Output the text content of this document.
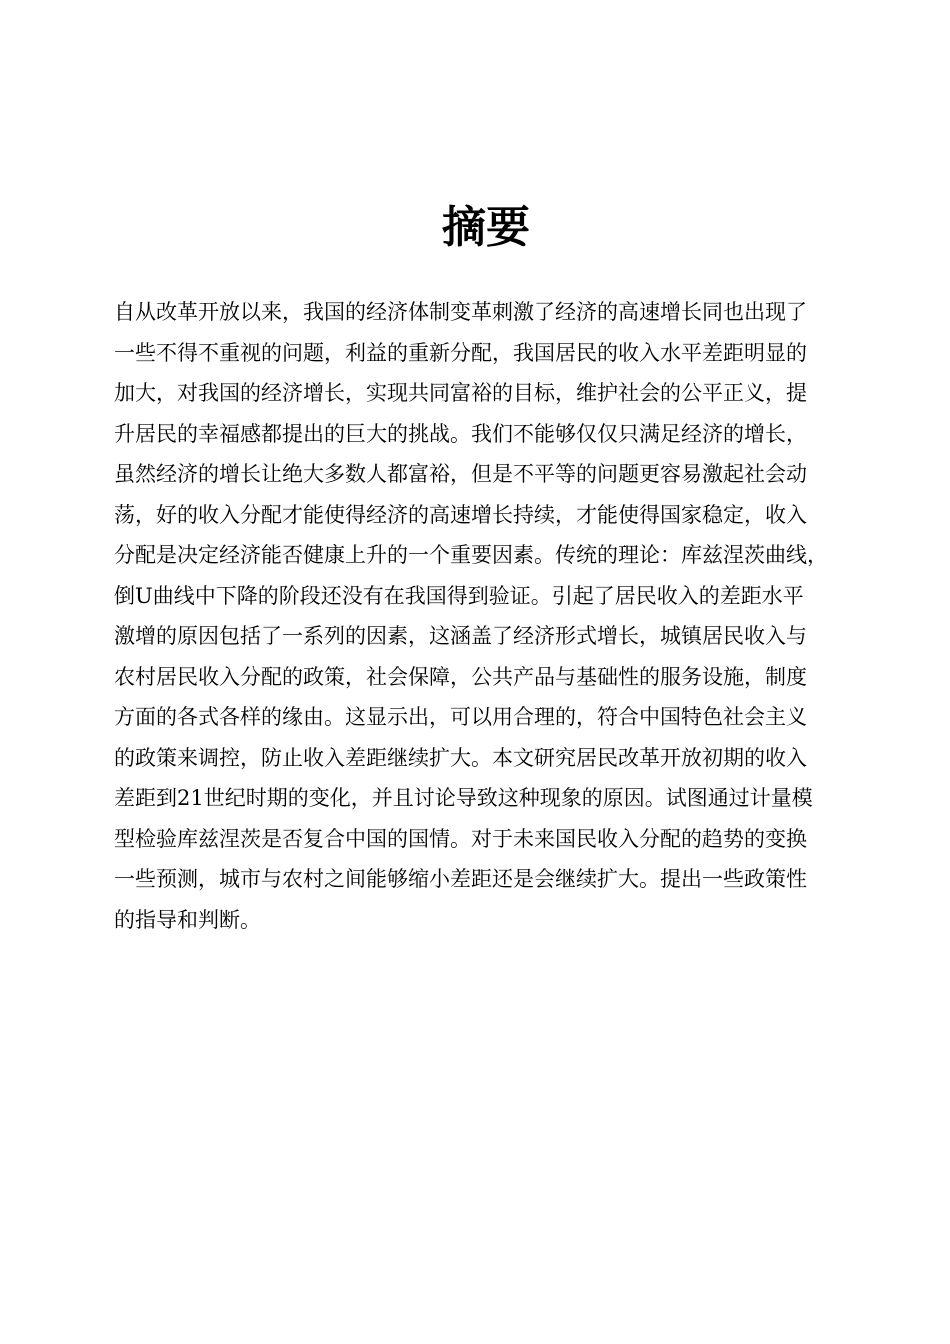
摘要
自从改革开放以来，我国的经济体制变革刺激了经济的高速增长同也出现了
一些不得不重视的问题，利益的重新分配，我国居民的收入水平差距明显的
加大，对我国的经济增长，实现共同富裕的目标，维护社会的公平正义，提
升居民的幸福感都提出的巨大的挑战。我们不能够仅仅只满足经济的增长，
虽然经济的增长让绝大多数人都富裕，但是不平等的问题更容易激起社会动
荡，好的收入分配才能使得经济的高速增长持续，才能使得国家稳定，收入
分配是决定经济能否健康上升的一个重要因素。传统的理论：库兹涅茨曲线，
倒U曲线中下降的阶段还没有在我国得到验证。引起了居民收入的差距水平
激增的原因包括了一系列的因素，这涵盖了经济形式增长，城镇居民收入与
农村居民收入分配的政策，社会保障，公共产品与基础性的服务设施，制度
方面的各式各样的缘由。这显示出，可以用合理的，符合中国特色社会主义
的政策来调控，防止收入差距继续扩大。本文研究居民改革开放初期的收入
差距到21世纪时期的变化，并且讨论导致这种现象的原因。试图通过计量模
型检验库兹涅茨是否复合中国的国情。对于未来国民收入分配的趋势的变换
一些预测，城市与农村之间能够缩小差距还是会继续扩大。提出一些政策性
的指导和判断。
